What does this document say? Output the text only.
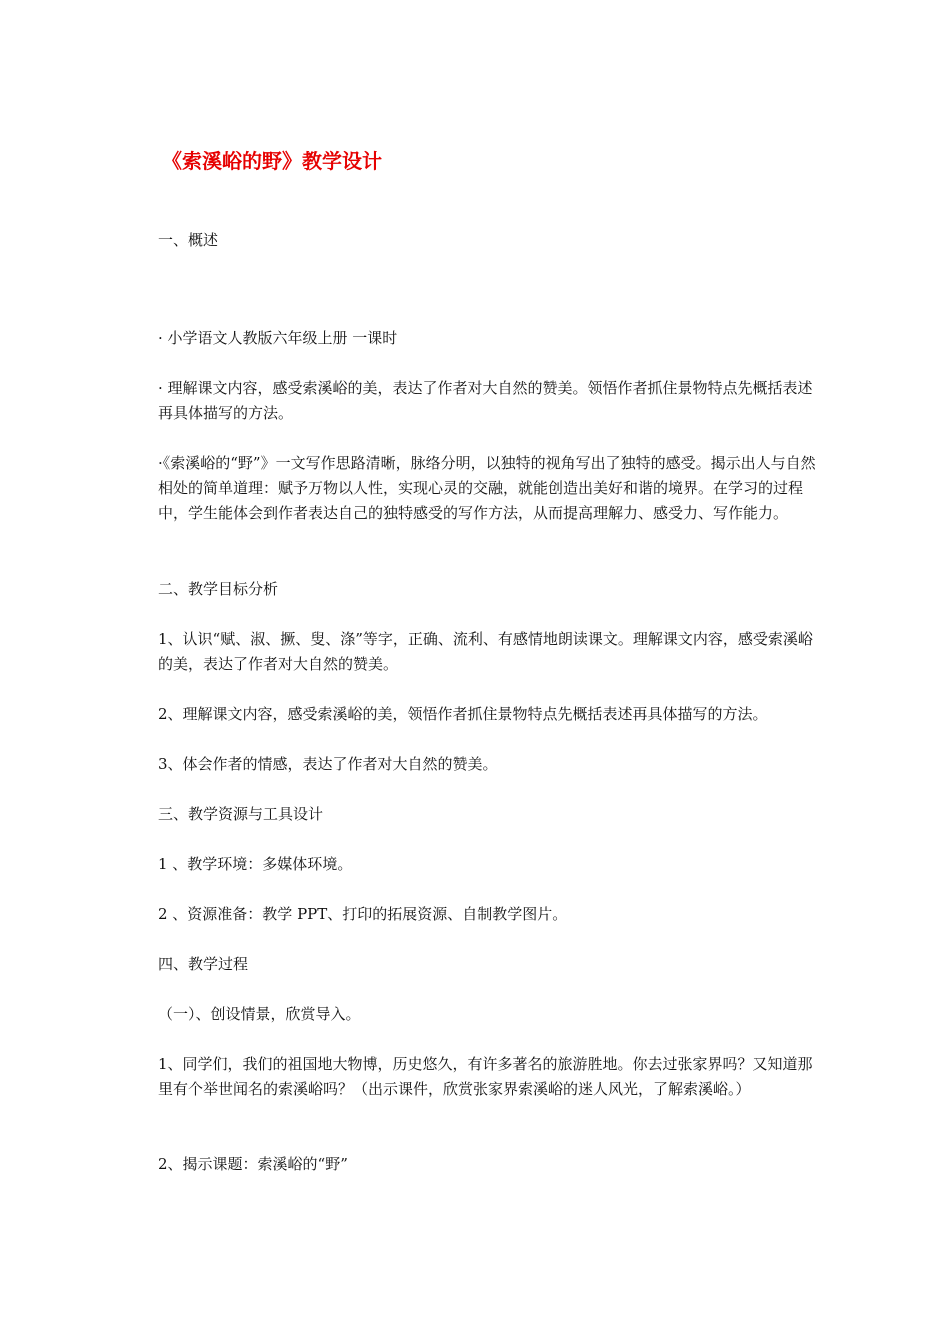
《索溪峪的野》教学设计

一、概述

· 小学语文人教版六年级上册 一课时

· 理解课文内容，感受索溪峪的美，表达了作者对大自然的赞美。领悟作者抓住景物特点先概括表述再具体描写的方法。

·《索溪峪的“野”》一文写作思路清晰，脉络分明，以独特的视角写出了独特的感受。揭示出人与自然相处的简单道理：赋予万物以人性，实现心灵的交融，就能创造出美好和谐的境界。在学习的过程中，学生能体会到作者表达自己的独特感受的写作方法，从而提高理解力、感受力、写作能力。

二、教学目标分析

1、认识“赋、淑、撅、叟、涤”等字，正确、流利、有感情地朗读课文。理解课文内容，感受索溪峪的美，表达了作者对大自然的赞美。

2、理解课文内容，感受索溪峪的美，领悟作者抓住景物特点先概括表述再具体描写的方法。

3、体会作者的情感，表达了作者对大自然的赞美。

三、教学资源与工具设计

1 、教学环境：多媒体环境。

2 、资源准备：教学 PPT、打印的拓展资源、自制教学图片。

四、教学过程

（一）、创设情景，欣赏导入。

1、同学们，我们的祖国地大物博，历史悠久，有许多著名的旅游胜地。你去过张家界吗？又知道那里有个举世闻名的索溪峪吗？（出示课件，欣赏张家界索溪峪的迷人风光，了解索溪峪。）

2、揭示课题：索溪峪的“野”
